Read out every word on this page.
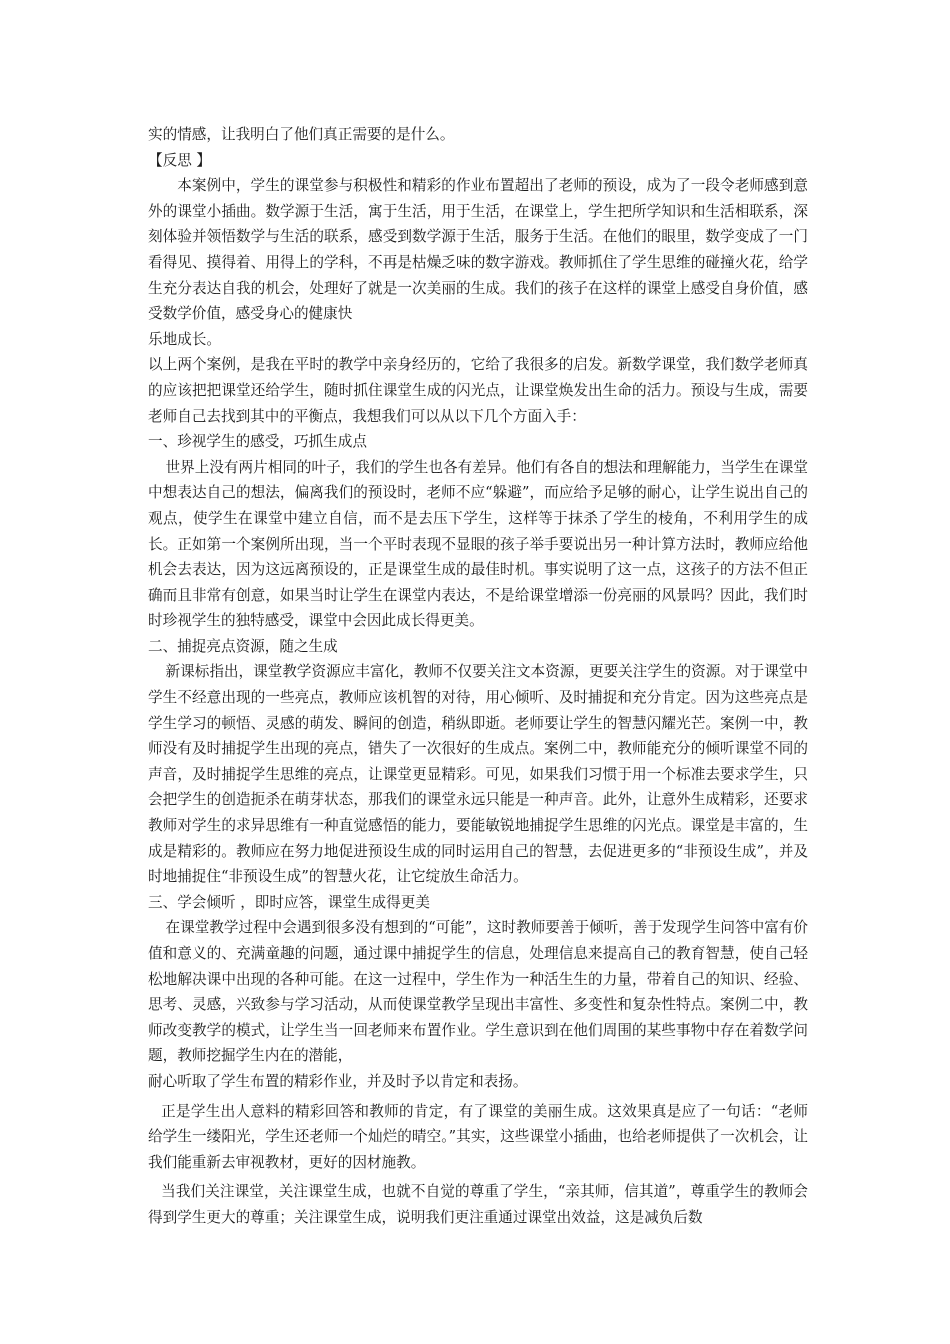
实的情感，让我明白了他们真正需要的是什么。

【反思 】

本案例中，学生的课堂参与积极性和精彩的作业布置超出了老师的预设，成为了一段令老师感到意外的课堂小插曲。数学源于生活，寓于生活，用于生活，在课堂上，学生把所学知识和生活相联系，深刻体验并领悟数学与生活的联系，感受到数学源于生活，服务于生活。在他们的眼里，数学变成了一门看得见、摸得着、用得上的学科，不再是枯燥乏味的数字游戏。教师抓住了学生思维的碰撞火花，给学生充分表达自我的机会，处理好了就是一次美丽的生成。我们的孩子在这样的课堂上感受自身价值，感受数学价值，感受身心的健康快

乐地成长。

以上两个案例，是我在平时的教学中亲身经历的，它给了我很多的启发。新数学课堂，我们数学老师真的应该把把课堂还给学生，随时抓住课堂生成的闪光点，让课堂焕发出生命的活力。预设与生成，需要老师自己去找到其中的平衡点，我想我们可以从以下几个方面入手：

一、珍视学生的感受，巧抓生成点

世界上没有两片相同的叶子，我们的学生也各有差异。他们有各自的想法和理解能力，当学生在课堂中想表达自己的想法，偏离我们的预设时，老师不应“躲避”，而应给予足够的耐心，让学生说出自己的观点，使学生在课堂中建立自信，而不是去压下学生，这样等于抹杀了学生的棱角，不利用学生的成长。正如第一个案例所出现，当一个平时表现不显眼的孩子举手要说出另一种计算方法时，教师应给他机会去表达，因为这远离预设的，正是课堂生成的最佳时机。事实说明了这一点，这孩子的方法不但正确而且非常有创意，如果当时让学生在课堂内表达，不是给课堂增添一份亮丽的风景吗？因此，我们时时珍视学生的独特感受，课堂中会因此成长得更美。

二、捕捉亮点资源，随之生成

新课标指出，课堂教学资源应丰富化，教师不仅要关注文本资源，更要关注学生的资源。对于课堂中学生不经意出现的一些亮点，教师应该机智的对待，用心倾听、及时捕捉和充分肯定。因为这些亮点是学生学习的顿悟、灵感的萌发、瞬间的创造，稍纵即逝。老师要让学生的智慧闪耀光芒。案例一中，教师没有及时捕捉学生出现的亮点，错失了一次很好的生成点。案例二中，教师能充分的倾听课堂不同的声音，及时捕捉学生思维的亮点，让课堂更显精彩。可见，如果我们习惯于用一个标准去要求学生，只会把学生的创造扼杀在萌芽状态，那我们的课堂永远只能是一种声音。此外，让意外生成精彩，还要求教师对学生的求异思维有一种直觉感悟的能力，要能敏锐地捕捉学生思维的闪光点。课堂是丰富的，生成是精彩的。教师应在努力地促进预设生成的同时运用自己的智慧，去促进更多的“非预设生成”，并及时地捕捉住“非预设生成”的智慧火花，让它绽放生命活力。

三、学会倾听 ，即时应答，课堂生成得更美

在课堂教学过程中会遇到很多没有想到的“可能”，这时教师要善于倾听，善于发现学生问答中富有价值和意义的、充满童趣的问题，通过课中捕捉学生的信息，处理信息来提高自己的教育智慧，使自己轻松地解决课中出现的各种可能。在这一过程中，学生作为一种活生生的力量，带着自己的知识、经验、思考、灵感，兴致参与学习活动，从而使课堂教学呈现出丰富性、多变性和复杂性特点。案例二中，教师改变教学的模式，让学生当一回老师来布置作业。学生意识到在他们周围的某些事物中存在着数学问题，教师挖掘学生内在的潜能，

耐心听取了学生布置的精彩作业，并及时予以肯定和表扬。

正是学生出人意料的精彩回答和教师的肯定，有了课堂的美丽生成。这效果真是应了一句话：“老师给学生一缕阳光，学生还老师一个灿烂的晴空。”其实，这些课堂小插曲，也给老师提供了一次机会，让我们能重新去审视教材，更好的因材施教。

当我们关注课堂，关注课堂生成，也就不自觉的尊重了学生，“亲其师，信其道”，尊重学生的教师会得到学生更大的尊重；关注课堂生成，说明我们更注重通过课堂出效益，这是减负后数
